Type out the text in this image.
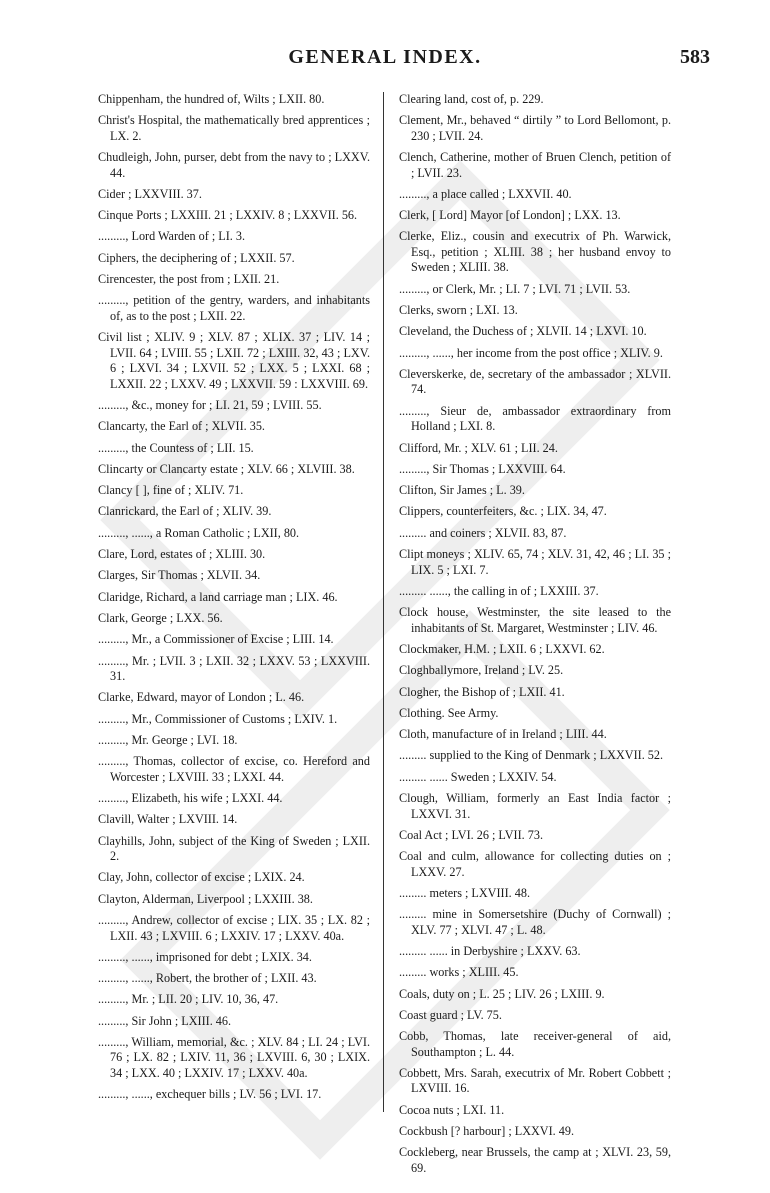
GENERAL INDEX.	583

Chippenham, the hundred of, Wilts ; LXII. 80.

Christ's Hospital, the mathematically bred apprentices ; LX. 2.

Chudleigh, John, purser, debt from the navy to ; LXXV. 44.

Cider ; LXXVIII. 37.

Cinque Ports ; LXXIII. 21 ; LXXIV. 8 ; LXXVII. 56.

........., Lord Warden of ; LI. 3.

Ciphers, the deciphering of ; LXXII. 57.

Cirencester, the post from ; LXII. 21.

........., petition of the gentry, warders, and inhabitants of, as to the post ; LXII. 22.

Civil list ; XLIV. 9 ; XLV. 87 ; XLIX. 37 ; LIV. 14 ; LVII. 64 ; LVIII. 55 ; LXII. 72 ; LXIII. 32, 43 ; LXV. 6 ; LXVI. 34 ; LXVII. 52 ; LXX. 5 ; LXXI. 68 ; LXXII. 22 ; LXXV. 49 ; LXXVII. 59 : LXXVIII. 69.

........., &c., money for ; LI. 21, 59 ; LVIII. 55.

Clancarty, the Earl of ; XLVII. 35.

........., the Countess of ; LII. 15.

Clincarty or Clancarty estate ; XLV. 66 ; XLVIII. 38.

Clancy [ ], fine of ; XLIV. 71.

Clanrickard, the Earl of ; XLIV. 39.

........., ......, a Roman Catholic ; LXII, 80.

Clare, Lord, estates of ; XLIII. 30.

Clarges, Sir Thomas ; XLVII. 34.

Claridge, Richard, a land carriage man ; LIX. 46.

Clark, George ; LXX. 56.

........., Mr., a Commissioner of Excise ; LIII. 14.

........., Mr. ; LVII. 3 ; LXII. 32 ; LXXV. 53 ; LXXVIII. 31.

Clarke, Edward, mayor of London ; L. 46.

........., Mr., Commissioner of Customs ; LXIV. 1.

........., Mr. George ; LVI. 18.

........., Thomas, collector of excise, co. Hereford and Worcester ; LXVIII. 33 ; LXXI. 44.

........., Elizabeth, his wife ; LXXI. 44.

Clavill, Walter ; LXVIII. 14.

Clayhills, John, subject of the King of Sweden ; LXII. 2.

Clay, John, collector of excise ; LXIX. 24.

Clayton, Alderman, Liverpool ; LXXIII. 38.

........., Andrew, collector of excise ; LIX. 35 ; LX. 82 ; LXII. 43 ; LXVIII. 6 ; LXXIV. 17 ; LXXV. 40a.

........., ......, imprisoned for debt ; LXIX. 34.

........., ......, Robert, the brother of ; LXII. 43.

........., Mr. ; LII. 20 ; LIV. 10, 36, 47.

........., Sir John ; LXIII. 46.

........., William, memorial, &c. ; XLV. 84 ; LI. 24 ; LVI. 76 ; LX. 82 ; LXIV. 11, 36 ; LXVIII. 6, 30 ; LXIX. 34 ; LXX. 40 ; LXXIV. 17 ; LXXV. 40a.

........., ......, exchequer bills ; LV. 56 ; LVI. 17.

Clearing land, cost of, p. 229.

Clement, Mr., behaved “ dirtily ” to Lord Bellomont, p. 230 ; LVII. 24.

Clench, Catherine, mother of Bruen Clench, petition of ; LVII. 23.

........., a place called ; LXXVII. 40.

Clerk, [ Lord] Mayor [of London] ; LXX. 13.

Clerke, Eliz., cousin and executrix of Ph. Warwick, Esq., petition ; XLIII. 38 ; her husband envoy to Sweden ; XLIII. 38.

........., or Clerk, Mr. ; LI. 7 ; LVI. 71 ; LVII. 53.

Clerks, sworn ; LXI. 13.

Cleveland, the Duchess of ; XLVII. 14 ; LXVI. 10.

........., ......, her income from the post office ; XLIV. 9.

Cleverskerke, de, secretary of the ambassador ; XLVII. 74.

........., Sieur de, ambassador extraordinary from Holland ; LXI. 8.

Clifford, Mr. ; XLV. 61 ; LII. 24.

........., Sir Thomas ; LXXVIII. 64.

Clifton, Sir James ; L. 39.

Clippers, counterfeiters, &c. ; LIX. 34, 47.

......... and coiners ; XLVII. 83, 87.

Clipt moneys ; XLIV. 65, 74 ; XLV. 31, 42, 46 ; LI. 35 ; LIX. 5 ; LXI. 7.

......... ......, the calling in of ; LXXIII. 37.

Clock house, Westminster, the site leased to the inhabitants of St. Margaret, Westminster ; LIV. 46.

Clockmaker, H.M. ; LXII. 6 ; LXXVI. 62.

Cloghballymore, Ireland ; LV. 25.

Clogher, the Bishop of ; LXII. 41.

Clothing. See Army.

Cloth, manufacture of in Ireland ; LIII. 44.

......... supplied to the King of Denmark ; LXXVII. 52.

......... ...... Sweden ; LXXIV. 54.

Clough, William, formerly an East India factor ; LXXVI. 31.

Coal Act ; LVI. 26 ; LVII. 73.

Coal and culm, allowance for collecting duties on ; LXXV. 27.

......... meters ; LXVIII. 48.

......... mine in Somersetshire (Duchy of Cornwall) ; XLV. 77 ; XLVI. 47 ; L. 48.

......... ...... in Derbyshire ; LXXV. 63.

......... works ; XLIII. 45.

Coals, duty on ; L. 25 ; LIV. 26 ; LXIII. 9.

Coast guard ; LV. 75.

Cobb, Thomas, late receiver-general of aid, Southampton ; L. 44.

Cobbett, Mrs. Sarah, executrix of Mr. Robert Cobbett ; LXVIII. 16.

Cocoa nuts ; LXI. 11.

Cockbush [? harbour] ; LXXVI. 49.

Cockleberg, near Brussels, the camp at ; XLVI. 23, 59, 69.
